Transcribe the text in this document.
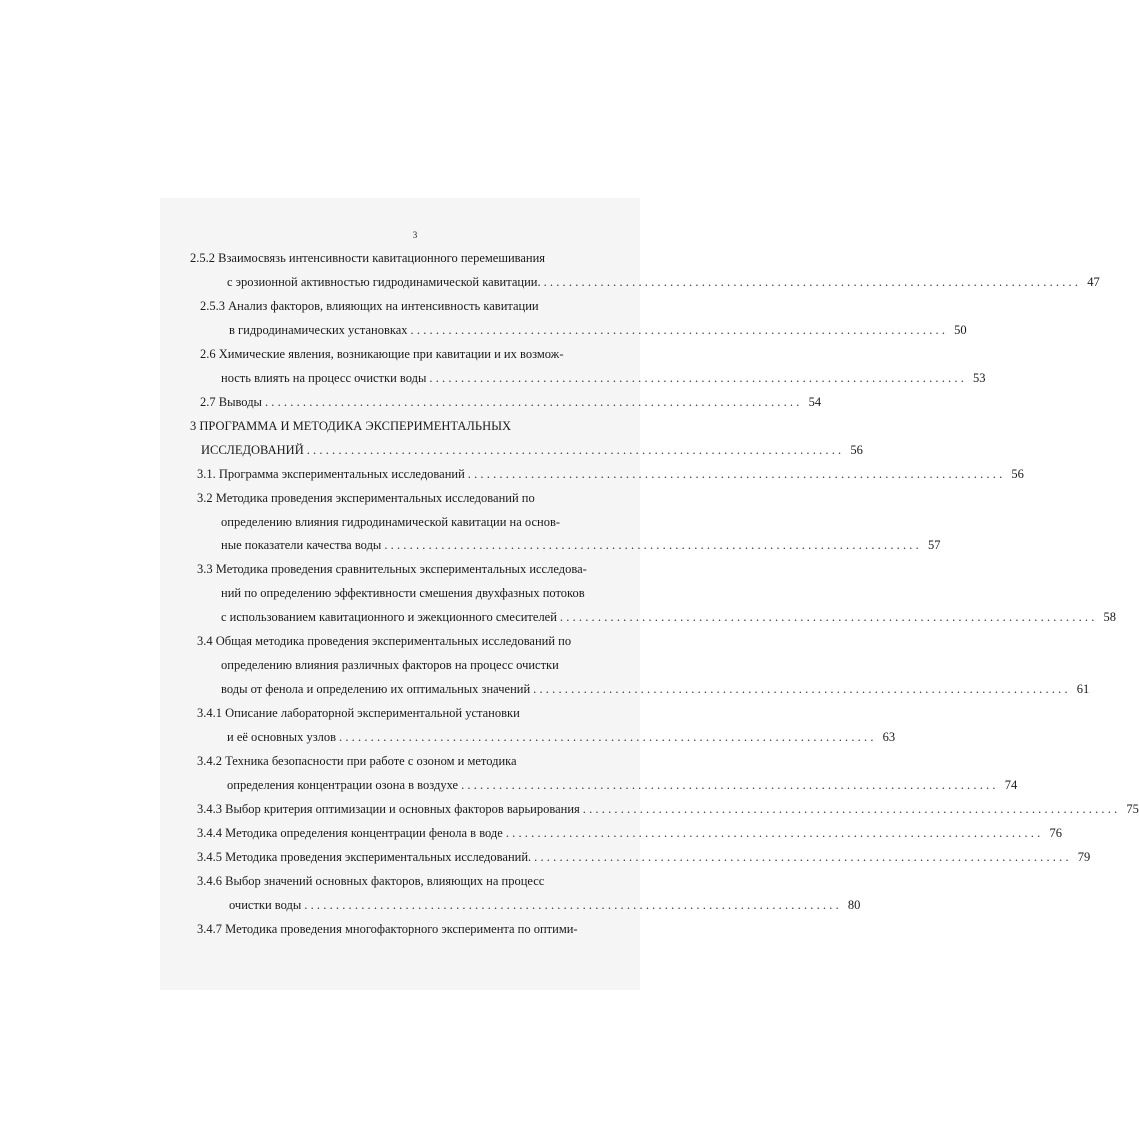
3
2.5.2 Взаимосвязь интенсивности кавитационного перемешивания
с эрозионной активностью гидродинамической кавитации. ..................................................................................... 47
2.5.3 Анализ факторов, влияющих на интенсивность кавитации
в гидродинамических установках ..................................................................................... 50
2.6 Химические явления, возникающие при кавитации и их возмож-
ность влиять на процесс очистки воды ..................................................................................... 53
2.7 Выводы ..................................................................................... 54
3 ПРОГРАММА И МЕТОДИКА ЭКСПЕРИМЕНТАЛЬНЫХ
ИССЛЕДОВАНИЙ ..................................................................................... 56
3.1. Программа экспериментальных исследований ..................................................................................... 56
3.2 Методика проведения экспериментальных исследований по
определению влияния гидродинамической кавитации на основ-
ные показатели качества воды ..................................................................................... 57
3.3 Методика проведения сравнительных экспериментальных исследова-
ний по определению эффективности смешения двухфазных потоков
с использованием кавитационного и эжекционного смесителей ..................................................................................... 58
3.4 Общая методика проведения экспериментальных исследований по
определению влияния различных факторов на процесс очистки
воды от фенола и определению их оптимальных значений ..................................................................................... 61
3.4.1 Описание лабораторной экспериментальной установки
и её основных узлов ..................................................................................... 63
3.4.2 Техника безопасности при работе с озоном и методика
определения концентрации озона в воздухе ..................................................................................... 74
3.4.3 Выбор критерия оптимизации и основных факторов варьирования ..................................................................................... 75
3.4.4 Методика определения концентрации фенола в воде ..................................................................................... 76
3.4.5 Методика проведения экспериментальных исследований. ..................................................................................... 79
3.4.6 Выбор значений основных факторов, влияющих на процесс
очистки воды ..................................................................................... 80
3.4.7 Методика проведения многофакторного эксперимента по оптими-
